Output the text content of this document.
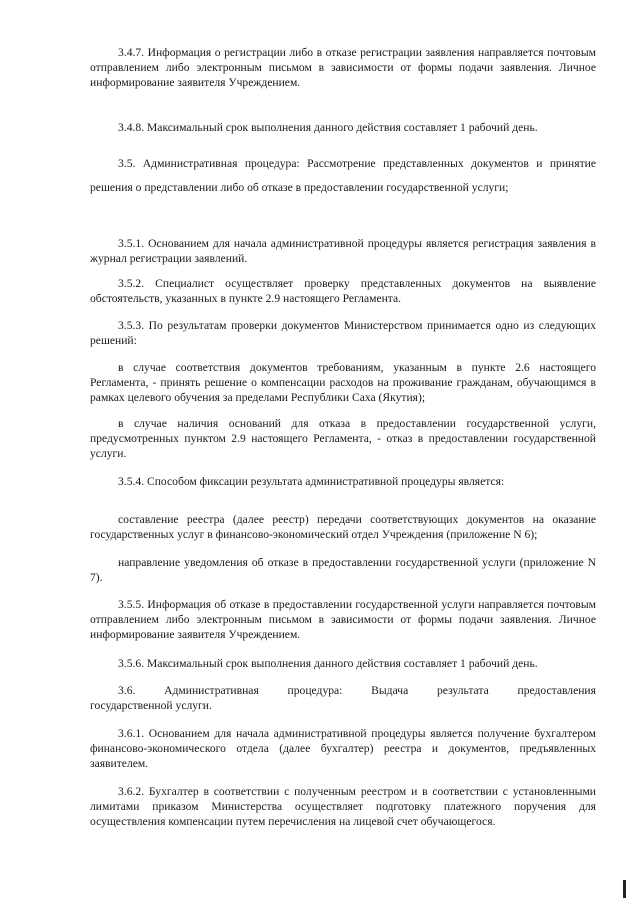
3.4.7. Информация о регистрации либо в отказе регистрации заявления направляется почтовым отправлением либо электронным письмом в зависимости от формы подачи заявления. Личное информирование заявителя Учреждением.

3.4.8. Максимальный срок выполнения данного действия составляет 1 рабочий день.

3.5. Административная процедура: Рассмотрение представленных документов и принятие решения о представлении либо об отказе в предоставлении государственной услуги;

3.5.1. Основанием для начала административной процедуры является регистрация заявления в журнал регистрации заявлений.

3.5.2. Специалист осуществляет проверку представленных документов на выявление обстоятельств, указанных в пункте 2.9 настоящего Регламента.

3.5.3. По результатам проверки документов Министерством принимается одно из следующих решений:

в случае соответствия документов требованиям, указанным в пункте 2.6 настоящего Регламента, - принять решение о компенсации расходов на проживание гражданам, обучающимся в рамках целевого обучения за пределами Республики Саха (Якутия);

в случае наличия оснований для отказа в предоставлении государственной услуги, предусмотренных пунктом 2.9 настоящего Регламента, - отказ в предоставлении государственной услуги.

3.5.4. Способом фиксации результата административной процедуры является:

составление реестра (далее реестр) передачи соответствующих документов на оказание государственных услуг в финансово-экономический отдел Учреждения (приложение N 6);

направление уведомления об отказе в предоставлении государственной услуги (приложение N 7).

3.5.5. Информация об отказе в предоставлении государственной услуги направляется почтовым отправлением либо электронным письмом в зависимости от формы подачи заявления. Личное информирование заявителя Учреждением.

3.5.6. Максимальный срок выполнения данного действия составляет 1 рабочий день.

3.6. Административная процедура: Выдача результата предоставления

государственной услуги.

3.6.1. Основанием для начала административной процедуры является получение бухгалтером финансово-экономического отдела (далее бухгалтер) реестра и документов, предъявленных заявителем.

3.6.2. Бухгалтер в соответствии с полученным реестром и в соответствии с установленными лимитами приказом Министерства осуществляет подготовку платежного поручения для осуществления компенсации путем перечисления на лицевой счет обучающегося.
